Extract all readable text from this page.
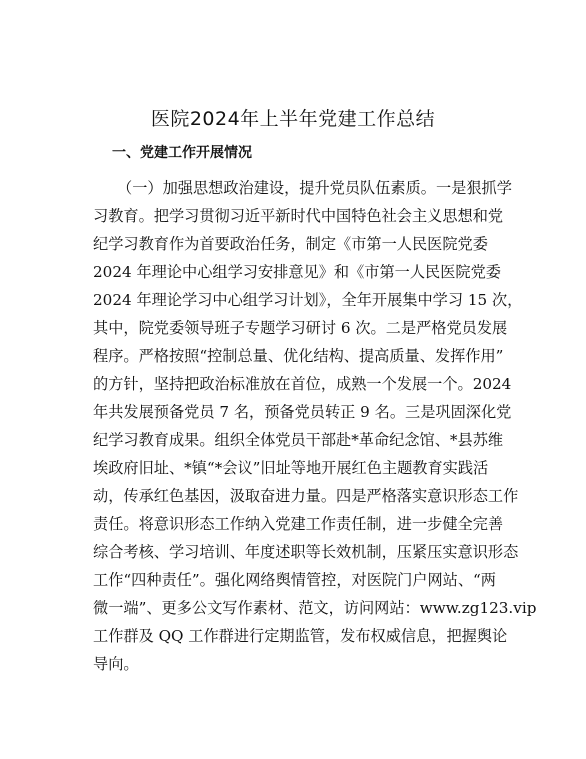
医院2024年上半年党建工作总结
一、党建工作开展情况
（一）加强思想政治建设，提升党员队伍素质。一是狠抓学
习教育。把学习贯彻习近平新时代中国特色社会主义思想和党
纪学习教育作为首要政治任务，制定《市第一人民医院党委
2024 年理论中心组学习安排意见》和《市第一人民医院党委
2024 年理论学习中心组学习计划》，全年开展集中学习 15 次，
其中，院党委领导班子专题学习研讨 6 次。二是严格党员发展
程序。严格按照“控制总量、优化结构、提高质量、发挥作用”
的方针，坚持把政治标准放在首位，成熟一个发展一个。2024
年共发展预备党员 7 名，预备党员转正 9 名。三是巩固深化党
纪学习教育成果。组织全体党员干部赴*革命纪念馆、*县苏维
埃政府旧址、*镇“*会议”旧址等地开展红色主题教育实践活
动，传承红色基因，汲取奋进力量。四是严格落实意识形态工作
责任。将意识形态工作纳入党建工作责任制，进一步健全完善
综合考核、学习培训、年度述职等长效机制，压紧压实意识形态
工作“四种责任”。强化网络舆情管控，对医院门户网站、“两
微一端”、更多公文写作素材、范文，访问网站：www.zg123.vip
工作群及 QQ 工作群进行定期监管，发布权威信息，把握舆论
导向。
